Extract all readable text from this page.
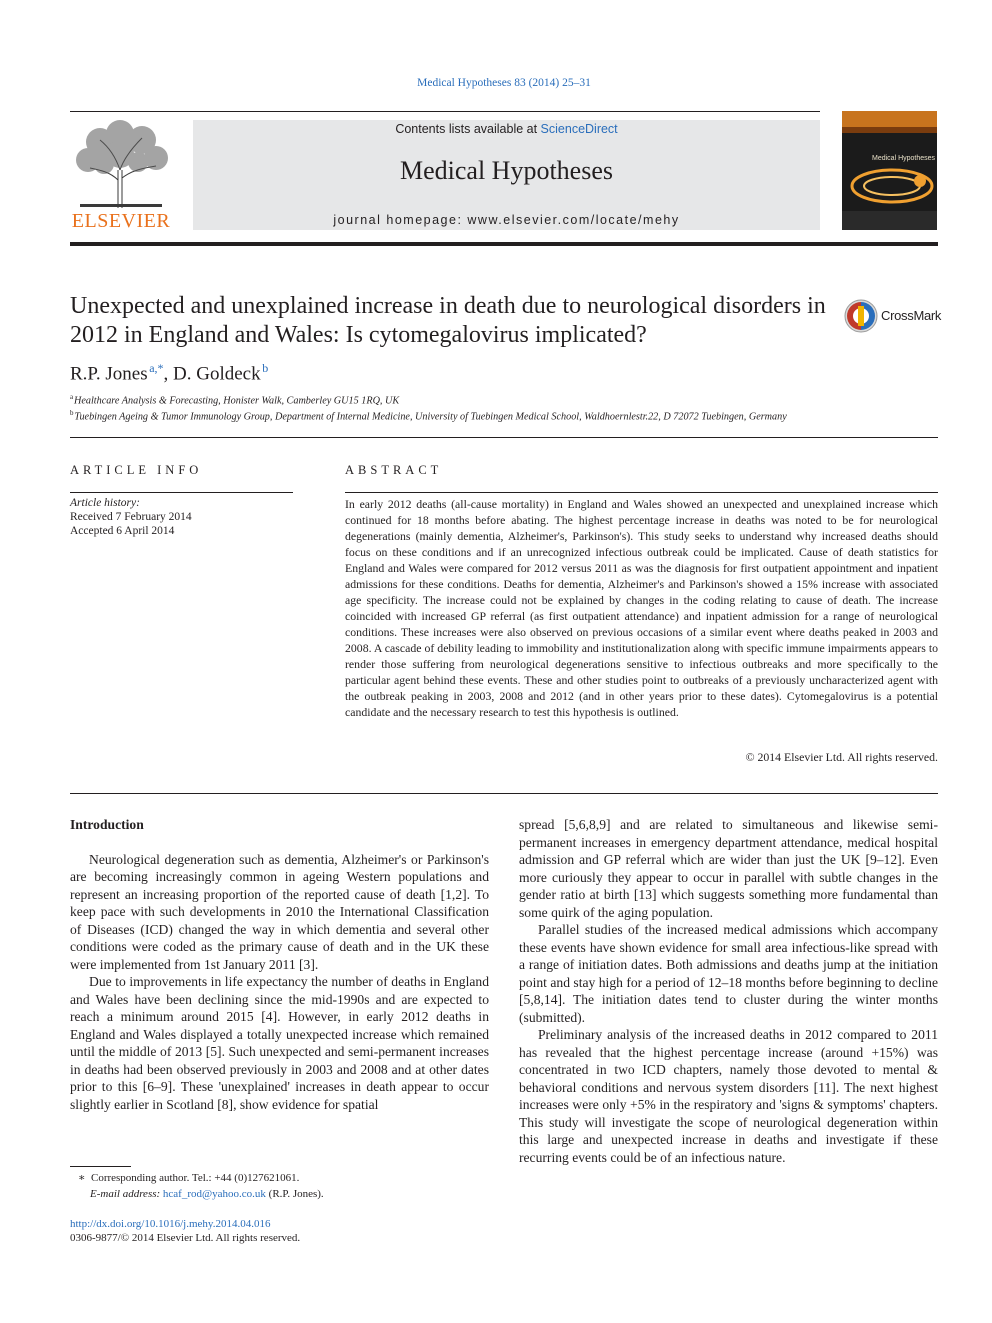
Medical Hypotheses 83 (2014) 25–31
ELSEVIER
Contents lists available at ScienceDirect
Medical Hypotheses
journal homepage: www.elsevier.com/locate/mehy
Medical Hypotheses
Unexpected and unexplained increase in death due to neurological disorders in 2012 in England and Wales: Is cytomegalovirus implicated?
CrossMark
R.P. Jones  $^{a,*}$, D. Goldeck  $^b$
$^a$ Healthcare Analysis & Forecasting, Honister Walk, Camberley GU15 1RQ, UK
$^b$ Tuebingen Ageing & Tumor Immunology Group, Department of Internal Medicine, University of Tuebingen Medical School, Waldhoernlestr.22, D 72072 Tuebingen, Germany
ARTICLE INFO
Article history:
Received 7 February 2014
Accepted 6 April 2014
ABSTRACT
In early 2012 deaths (all-cause mortality) in England and Wales showed an unexpected and unexplained increase which continued for 18 months before abating. The highest percentage increase in deaths was noted to be for neurological degenerations (mainly dementia, Alzheimer's, Parkinson's). This study seeks to understand why increased deaths should focus on these conditions and if an unrecognized infectious outbreak could be implicated. Cause of death statistics for England and Wales were compared for 2012 versus 2011 as was the diagnosis for first outpatient appointment and inpatient admissions for these conditions. Deaths for dementia, Alzheimer's and Parkinson's showed a 15% increase with associated age specificity. The increase could not be explained by changes in the coding relating to cause of death. The increase coincided with increased GP referral (as first outpatient attendance) and inpatient admission for a range of neurological conditions. These increases were also observed on previous occasions of a similar event where deaths peaked in 2003 and 2008. A cascade of debility leading to immobility and institutionalization along with specific immune impairments appears to render those suffering from neurological degenerations sensitive to infectious outbreaks and more specifically to the particular agent behind these events. These and other studies point to outbreaks of a previously uncharacterized agent with the outbreak peaking in 2003, 2008 and 2012 (and in other years prior to these dates). Cytomegalovirus is a potential candidate and the necessary research to test this hypothesis is outlined.
© 2014 Elsevier Ltd. All rights reserved.
Introduction

Neurological degeneration such as dementia, Alzheimer's or Parkinson's are becoming increasingly common in ageing Western populations and represent an increasing proportion of the reported cause of death [1,2]. To keep pace with such developments in 2010 the International Classification of Diseases (ICD) changed the way in which dementia and several other conditions were coded as the primary cause of death and in the UK these were implemented from 1st January 2011 [3].

Due to improvements in life expectancy the number of deaths in England and Wales have been declining since the mid-1990s and are expected to reach a minimum around 2015 [4]. However, in early 2012 deaths in England and Wales displayed a totally unexpected increase which remained until the middle of 2013 [5]. Such unexpected and semi-permanent increases in deaths had been observed previously in 2003 and 2008 and at other dates prior to this [6–9]. These 'unexplained' increases in death appear to occur slightly earlier in Scotland [8], show evidence for spatial

spread [5,6,8,9] and are related to simultaneous and likewise semi-permanent increases in emergency department attendance, medical hospital admission and GP referral which are wider than just the UK [9–12]. Even more curiously they appear to occur in parallel with subtle changes in the gender ratio at birth [13] which suggests something more fundamental than some quirk of the aging population.

Parallel studies of the increased medical admissions which accompany these events have shown evidence for small area infectious-like spread with a range of initiation dates. Both admissions and deaths jump at the initiation point and stay high for a period of 12–18 months before beginning to decline [5,8,14]. The initiation dates tend to cluster during the winter months (submitted).

Preliminary analysis of the increased deaths in 2012 compared to 2011 has revealed that the highest percentage increase (around +15%) was concentrated in two ICD chapters, namely those devoted to mental & behavioral conditions and nervous system disorders [11]. The next highest increases were only +5% in the respiratory and 'signs & symptoms' chapters. This study will investigate the scope of neurological degeneration within this large and unexpected increase in deaths and investigate if these recurring events could be of an infectious nature.

∗  Corresponding author. Tel.: +44 (0)127621061.
E-mail address: hcaf_rod@yahoo.co.uk (R.P. Jones).
http://dx.doi.org/10.1016/j.mehy.2014.04.016
0306-9877/© 2014 Elsevier Ltd. All rights reserved.
